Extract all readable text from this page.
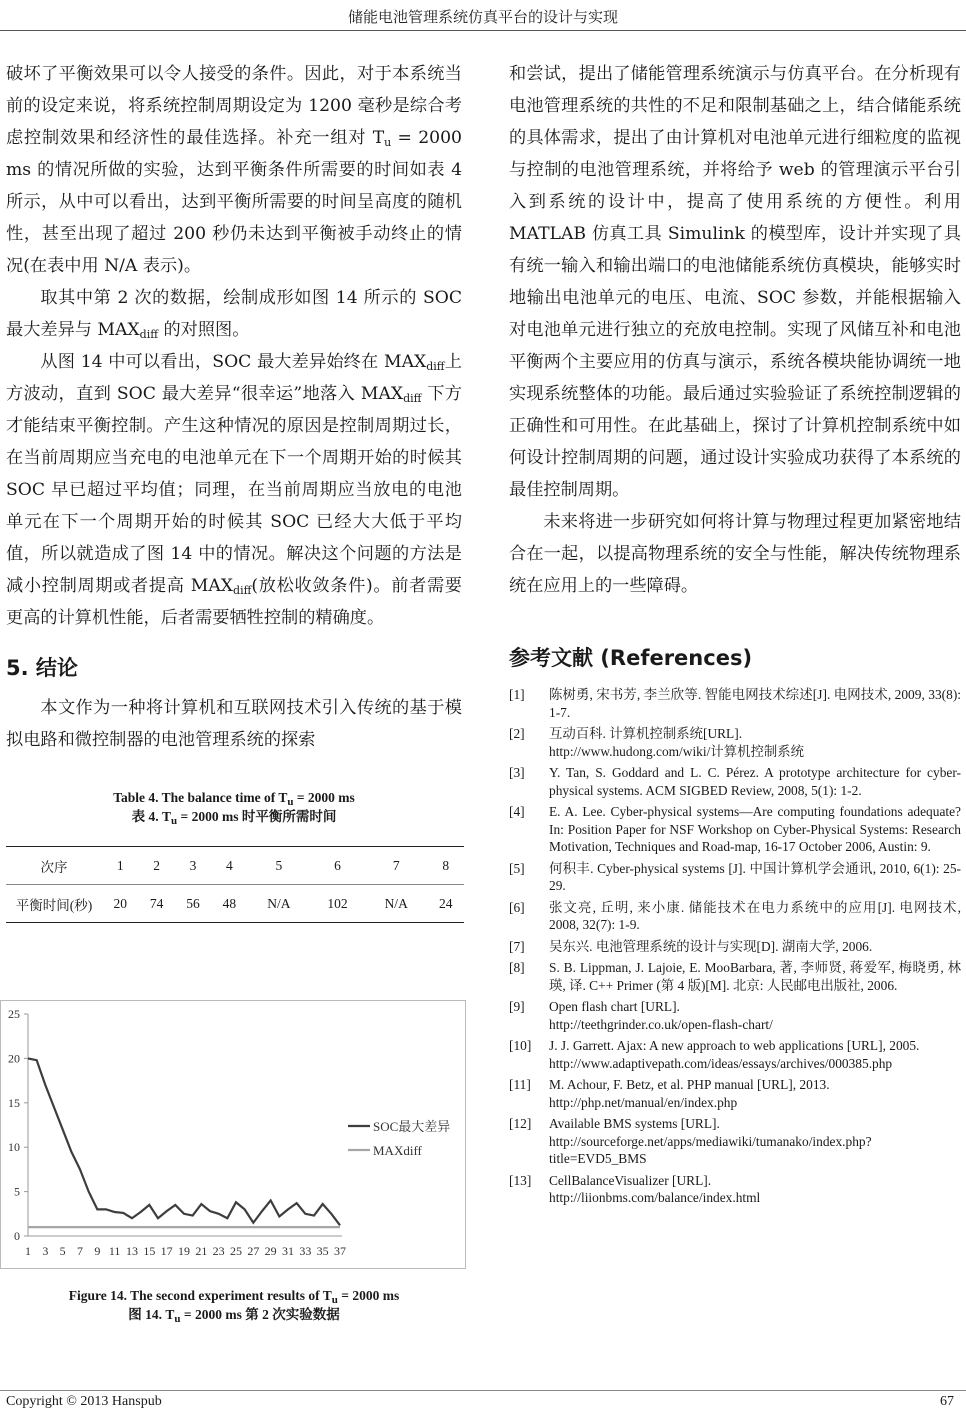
储能电池管理系统仿真平台的设计与实现

破坏了平衡效果可以令人接受的条件。因此，对于本系统当前的设定来说，将系统控制周期设定为 1200 毫秒是综合考虑控制效果和经济性的最佳选择。补充一组对 $T_u = 2000$ ms 的情况所做的实验，达到平衡条件所需要的时间如表 4 所示，从中可以看出，达到平衡所需要的时间呈高度的随机性，甚至出现了超过 200 秒仍未达到平衡被手动终止的情况(在表中用 N/A 表示)。

取其中第 2 次的数据，绘制成形如图 14 所示的 SOC 最大差异与 $MAX_{diff}$ 的对照图。

从图 14 中可以看出，SOC 最大差异始终在 $MAX_{diff}$上方波动，直到 SOC 最大差异“很幸运”地落入 $MAX_{diff}$ 下方才能结束平衡控制。产生这种情况的原因是控制周期过长，在当前周期应当充电的电池单元在下一个周期开始的时候其 SOC 早已超过平均值；同理，在当前周期应当放电的电池单元在下一个周期开始的时候其 SOC 已经大大低于平均值，所以就造成了图 14 中的情况。解决这个问题的方法是减小控制周期或者提高 $MAX_{diff}$(放松收敛条件)。前者需要更高的计算机性能，后者需要牺牲控制的精确度。

5. 结论

本文作为一种将计算机和互联网技术引入传统的基于模拟电路和微控制器的电池管理系统的探索

Table 4. The balance time of $T_u = 2000$ ms
表 4. $T_u = 2000$ ms 时平衡所需时间
次序	1	2	3	4	5	6	7	8
平衡时间(秒)	20	74	56	48	N/A	102	N/A	24
0
5
10
15
20
25
1 3 5 7 9 11 13 15 17 19 21 23 25 27 29 31 33 35 37
SOC最大差异
MAXdiff
Figure 14. The second experiment results of $T_u = 2000$ ms
图 14. $T_u = 2000$ ms 第 2 次实验数据

和尝试，提出了储能管理系统演示与仿真平台。在分析现有电池管理系统的共性的不足和限制基础之上，结合储能系统的具体需求，提出了由计算机对电池单元进行细粒度的监视与控制的电池管理系统，并将给予 web 的管理演示平台引入到系统的设计中，提高了使用系统的方便性。利用 MATLAB 仿真工具 Simulink 的模型库，设计并实现了具有统一输入和输出端口的电池储能系统仿真模块，能够实时地输出电池单元的电压、电流、SOC 参数，并能根据输入对电池单元进行独立的充放电控制。实现了风储互补和电池平衡两个主要应用的仿真与演示，系统各模块能协调统一地实现系统整体的功能。最后通过实验验证了系统控制逻辑的正确性和可用性。在此基础上，探讨了计算机控制系统中如何设计控制周期的问题，通过设计实验成功获得了本系统的最佳控制周期。

未来将进一步研究如何将计算与物理过程更加紧密地结合在一起，以提高物理系统的安全与性能，解决传统物理系统在应用上的一些障碍。

参考文献 (References)
[1] 陈树勇, 宋书芳, 李兰欣等. 智能电网技术综述[J]. 电网技术, 2009, 33(8): 1-7.
[2] 互动百科. 计算机控制系统[URL].
http://www.hudong.com/wiki/计算机控制系统
[3] Y. Tan, S. Goddard and L. C. Pérez. A prototype architecture for cyber-physical systems. ACM SIGBED Review, 2008, 5(1): 1-2.
[4] E. A. Lee. Cyber-physical systems—Are computing foundations adequate? In: Position Paper for NSF Workshop on Cyber-Physical Systems: Research Motivation, Techniques and Road-map, 16-17 October 2006, Austin: 9.
[5] 何积丰. Cyber-physical systems [J]. 中国计算机学会通讯, 2010, 6(1): 25-29.
[6] 张文亮, 丘明, 来小康. 储能技术在电力系统中的应用[J]. 电网技术, 2008, 32(7): 1-9.
[7] 吴东兴. 电池管理系统的设计与实现[D]. 湖南大学, 2006.
[8] S. B. Lippman, J. Lajoie, E. MooBarbara, 著, 李师贤, 蒋爱军, 梅晓勇, 林瑛, 译. C++ Primer (第 4 版)[M]. 北京: 人民邮电出版社, 2006.
[9] Open flash chart [URL].
http://teethgrinder.co.uk/open-flash-chart/
[10] J. J. Garrett. Ajax: A new approach to web applications [URL], 2005.
http://www.adaptivepath.com/ideas/essays/archives/000385.php
[11] M. Achour, F. Betz, et al. PHP manual [URL], 2013.
http://php.net/manual/en/index.php
[12] Available BMS systems [URL].
http://sourceforge.net/apps/mediawiki/tumanako/index.php?title=EVD5_BMS
[13] CellBalanceVisualizer [URL].
http://liionbms.com/balance/index.html
Copyright © 2013 Hanspub	67
